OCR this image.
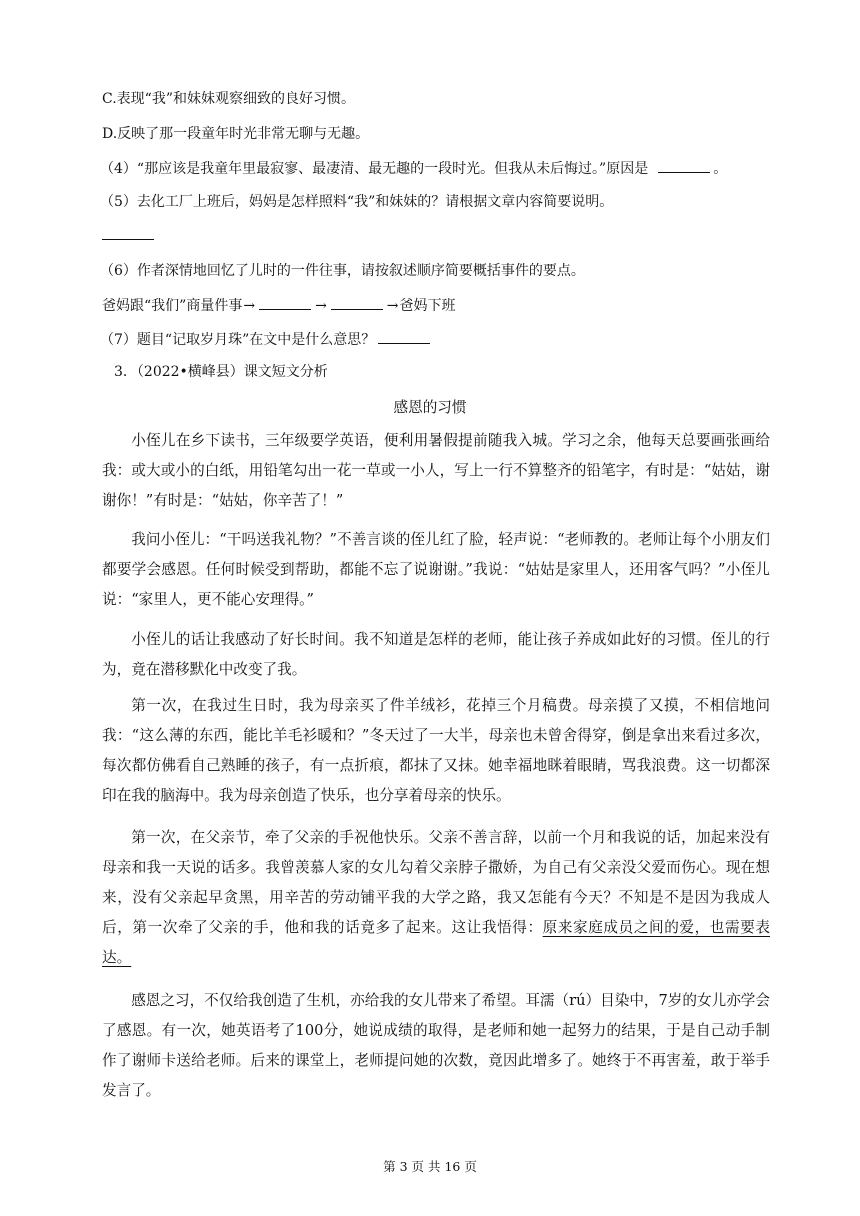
C.表现“我”和妹妹观察细致的良好习惯。
D.反映了那一段童年时光非常无聊与无趣。
（4）“那应该是我童年里最寂寥、最凄清、最无趣的一段时光。但我从未后悔过。”原因是	。
（5）去化工厂上班后，妈妈是怎样照料“我”和妹妹的？请根据文章内容简要说明。
（6）作者深情地回忆了儿时的一件往事，请按叙述顺序简要概括事件的要点。
爸妈跟“我们”商量件事→	→	→爸妈下班
（7）题目“记取岁月珠”在文中是什么意思？
3．（2022•横峰县）课文短文分析
感恩的习惯

小侄儿在乡下读书，三年级要学英语，便利用暑假提前随我入城。学习之余，他每天总要画张画给我：或大或小的白纸，用铅笔勾出一花一草或一小人，写上一行不算整齐的铅笔字，有时是：“姑姑，谢谢你！”有时是：“姑姑，你辛苦了！”

我问小侄儿：“干吗送我礼物？”不善言谈的侄儿红了脸，轻声说：“老师教的。老师让每个小朋友们都要学会感恩。任何时候受到帮助，都能不忘了说谢谢。”我说：“姑姑是家里人，还用客气吗？”小侄儿说：“家里人，更不能心安理得。”

小侄儿的话让我感动了好长时间。我不知道是怎样的老师，能让孩子养成如此好的习惯。侄儿的行为，竟在潜移默化中改变了我。

第一次，在我过生日时，我为母亲买了件羊绒衫，花掉三个月稿费。母亲摸了又摸，不相信地问我：“这么薄的东西，能比羊毛衫暖和？”冬天过了一大半，母亲也未曾舍得穿，倒是拿出来看过多次，每次都仿佛看自己熟睡的孩子，有一点折痕，都抹了又抹。她幸福地眯着眼睛，骂我浪费。这一切都深印在我的脑海中。我为母亲创造了快乐，也分享着母亲的快乐。

第一次，在父亲节，牵了父亲的手祝他快乐。父亲不善言辞，以前一个月和我说的话，加起来没有母亲和我一天说的话多。我曾羡慕人家的女儿勾着父亲脖子撒娇，为自己有父亲没父爱而伤心。现在想来，没有父亲起早贪黑，用辛苦的劳动铺平我的大学之路，我又怎能有今天？不知是不是因为我成人后，第一次牵了父亲的手，他和我的话竟多了起来。这让我悟得：原来家庭成员之间的爱，也需要表达。

感恩之习，不仅给我创造了生机，亦给我的女儿带来了希望。耳濡（rú）目染中，7岁的女儿亦学会了感恩。有一次，她英语考了100分，她说成绩的取得，是老师和她一起努力的结果，于是自己动手制作了谢师卡送给老师。后来的课堂上，老师提问她的次数，竟因此增多了。她终于不再害羞，敢于举手发言了。

第 3 页 共 16 页
